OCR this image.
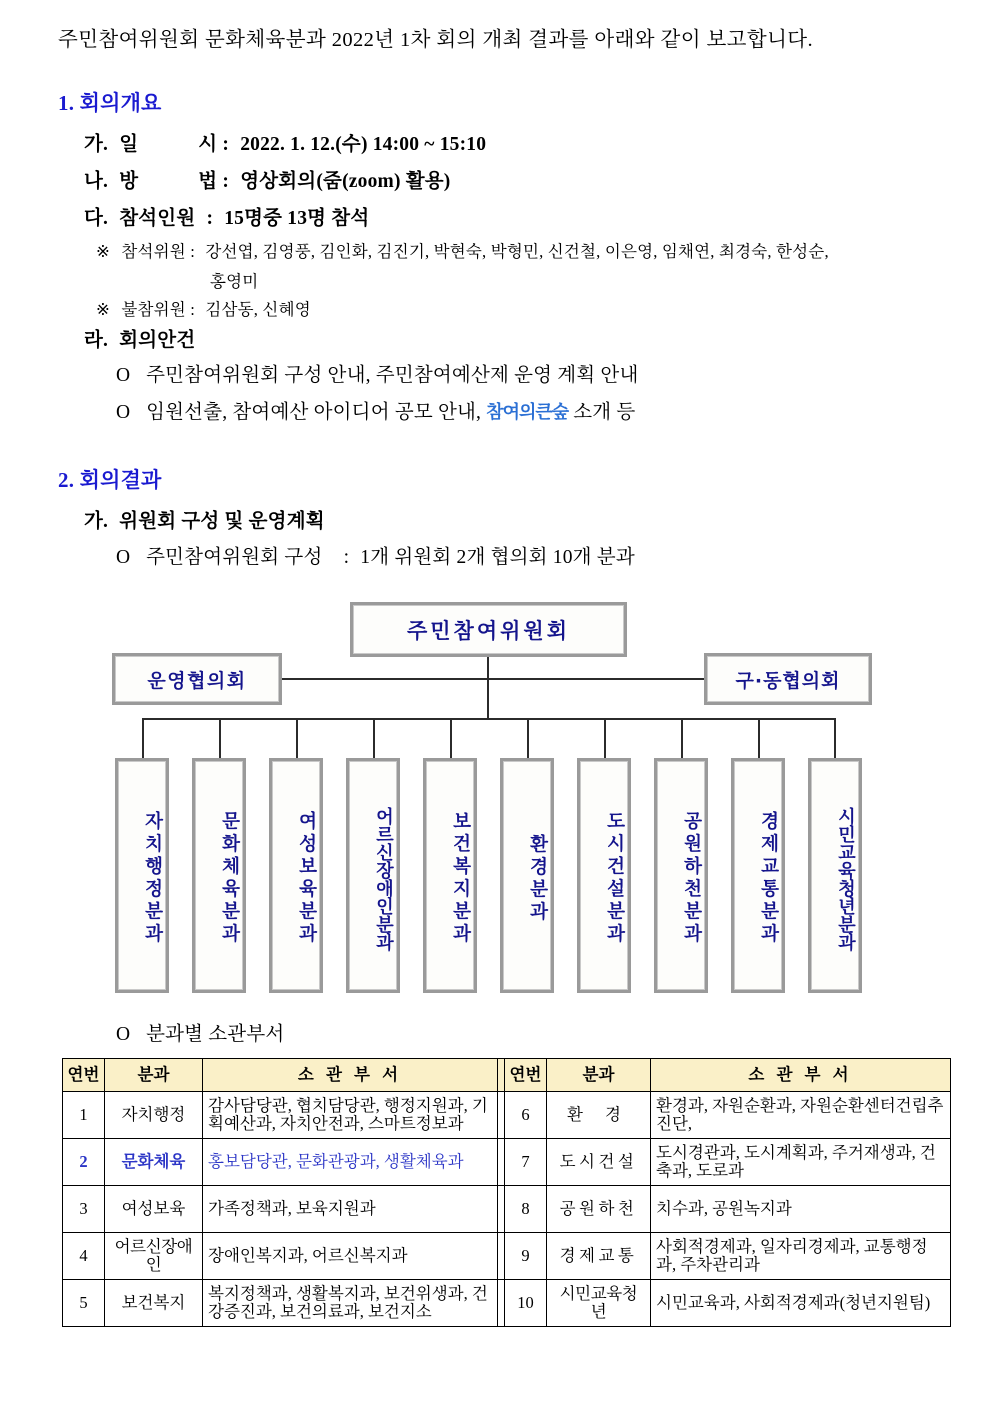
주민참여위원회 문화체육분과 2022년 1차 회의 개최 결과를 아래와 같이 보고합니다.
1. 회의개요
가. 일	시 : 2022. 1. 12.(수) 14:00 ~ 15:10
나. 방	법 : 영상회의(줌(zoom) 활용)
다. 참석인원 : 15명중 13명 참석
※ 참석위원 : 강선엽, 김영풍, 김인화, 김진기, 박현숙, 박형민, 신건철, 이은영, 임채연, 최경숙, 한성순,
홍영미
※ 불참위원 : 김삼동, 신혜영
라. 회의안건
O 주민참여위원회 구성 안내, 주민참여예산제 운영 계획 안내
O 임원선출, 참여예산 아이디어 공모 안내, 참여의큰숲 소개 등
2. 회의결과
가. 위원회 구성 및 운영계획
O 주민참여위원회 구성 : 1개 위원회 2개 협의회 10개 분과
주민참여위원회
운영협의회	구·동협의회
자치행정분과	문화체육분과	여성보육분과	어르신장애인분과	보건복지분과	환경분과	도시건설분과	공원하천분과	경제교통분과	시민교육청년분과
O 분과별 소관부서
연번	분과	소 관 부 서		연번	분과	소 관 부 서
1	자치행정	감사담당관, 협치담당관, 행정지원과, 기획예산과, 자치안전과, 스마트정보과		6	환 경	환경과, 자원순환과, 자원순환센터건립추진단,
2	문화체육	홍보담당관, 문화관광과, 생활체육과		7	도시건설	도시경관과, 도시계획과, 주거재생과, 건축과, 도로과
3	여성보육	가족정책과, 보육지원과		8	공원하천	치수과, 공원녹지과
4	어르신장애인	장애인복지과, 어르신복지과		9	경제교통	사회적경제과, 일자리경제과, 교통행정과, 주차관리과
5	보건복지	복지정책과, 생활복지과, 보건위생과, 건강증진과, 보건의료과, 보건지소		10	시민교육청년	시민교육과, 사회적경제과(청년지원팀)
